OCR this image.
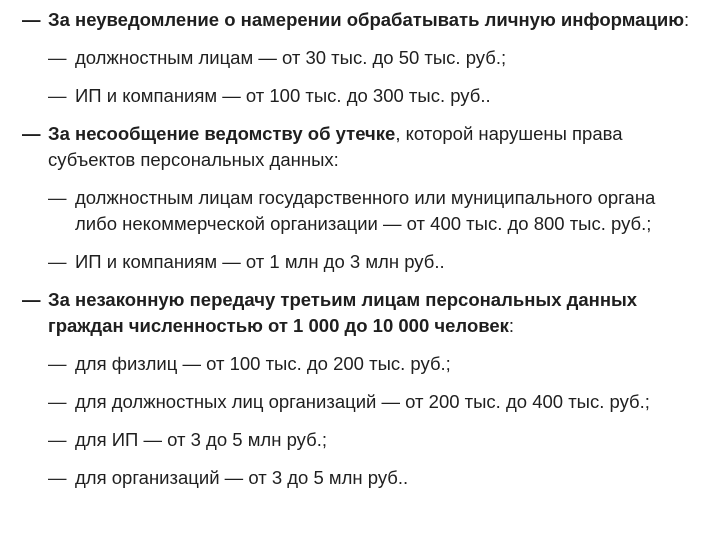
— За неуведомление о намерении обрабатывать личную информацию:
— должностным лицам — от 30 тыс. до 50 тыс. руб.;
— ИП и компаниям — от 100 тыс. до 300 тыс. руб..
— За несообщение ведомству об утечке, которой нарушены права субъектов персональных данных:
— должностным лицам государственного или муниципального органа либо некоммерческой организации — от 400 тыс. до 800 тыс. руб.;
— ИП и компаниям — от 1 млн до 3 млн руб..
— За незаконную передачу третьим лицам персональных данных граждан численностью от 1 000 до 10 000 человек:
— для физлиц — от 100 тыс. до 200 тыс. руб.;
— для должностных лиц организаций — от 200 тыс. до 400 тыс. руб.;
— для ИП — от 3 до 5 млн руб.;
— для организаций — от 3 до 5 млн руб..
